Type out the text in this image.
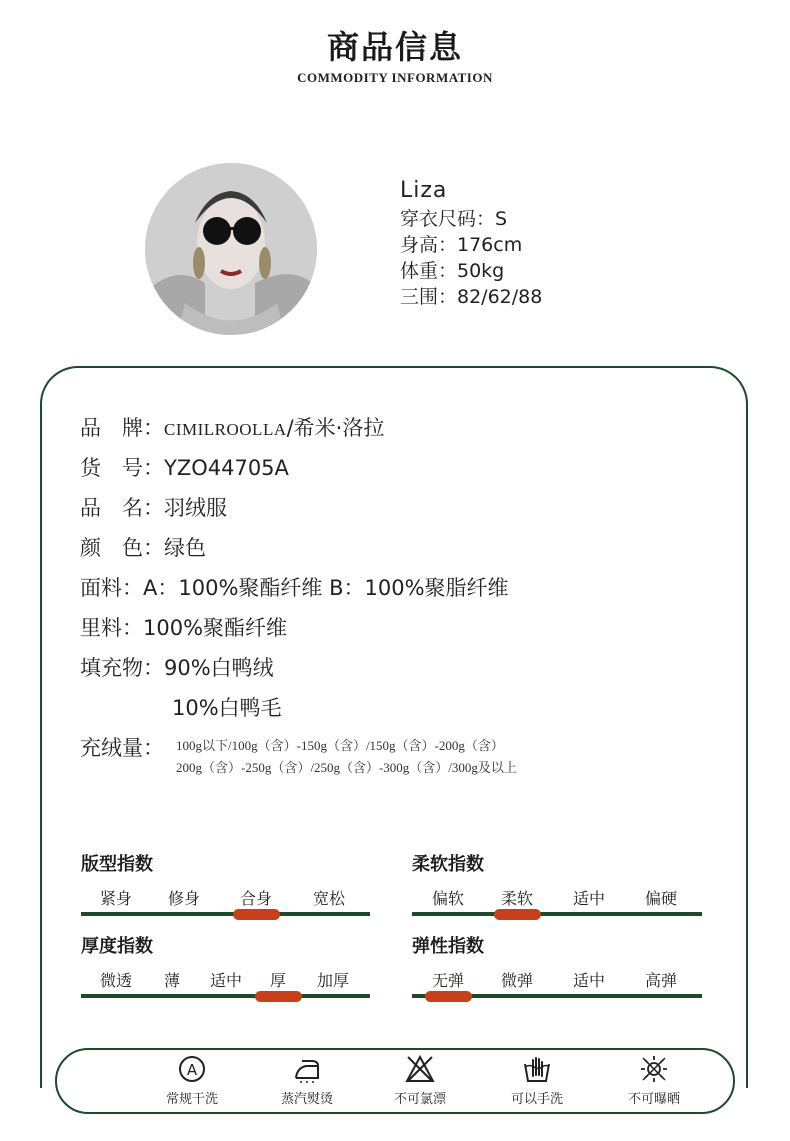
商品信息
COMMODITY INFORMATION
Liza
穿衣尺码：S
身高：176cm
体重：50kg
三围：82/62/88
品　牌：CIMILROOLLA/希米·洛拉
货　号：YZO44705A
品　名：羽绒服
颜　色：绿色
面料：A：100%聚酯纤维 B：100%聚脂纤维
里料：100%聚酯纤维
填充物：90%白鸭绒
10%白鸭毛
充绒量： 100g以下/100g（含）-150g（含）/150g（含）-200g（含）
200g（含）-250g（含）/250g（含）-300g（含）/300g及以上
版型指数
紧身 修身 合身	宽松
柔软指数
偏软 柔软 适中 偏硬
厚度指数
微透 薄 适中 厚 加厚
弹性指数
无弹 微弹 适中 高弹
A
常规干洗	蒸汽熨烫	不可氯漂	可以手洗	不可曝晒
